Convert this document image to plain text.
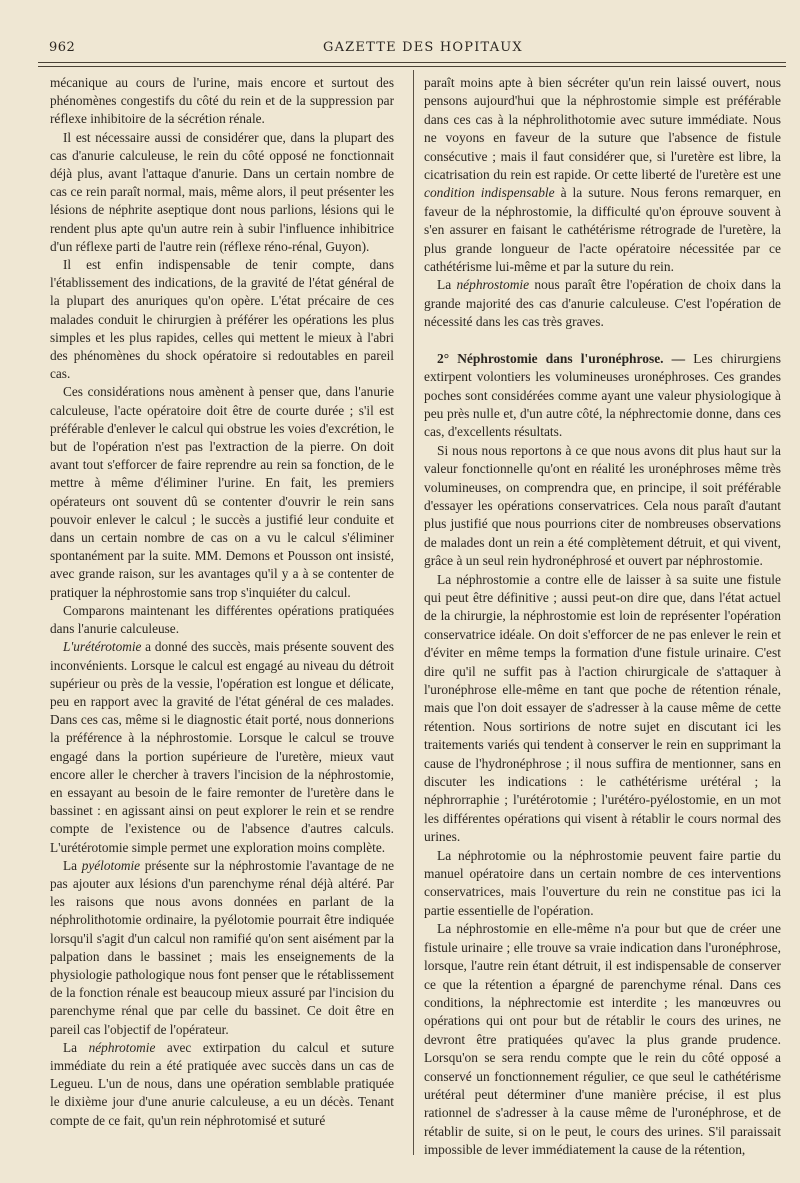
962	GAZETTE DES HOPITAUX

mécanique au cours de l'urine, mais encore et surtout des phénomènes congestifs du côté du rein et de la suppression par réflexe inhibitoire de la sécrétion rénale.

Il est nécessaire aussi de considérer que, dans la plupart des cas d'anurie calculeuse, le rein du côté opposé ne fonctionnait déjà plus, avant l'attaque d'anurie. Dans un certain nombre de cas ce rein paraît normal, mais, même alors, il peut présenter les lésions de néphrite aseptique dont nous parlions, lésions qui le rendent plus apte qu'un autre rein à subir l'influence inhibitrice d'un réflexe parti de l'autre rein (réflexe réno-rénal, Guyon).

Il est enfin indispensable de tenir compte, dans l'établissement des indications, de la gravité de l'état général de la plupart des anuriques qu'on opère. L'état précaire de ces malades conduit le chirurgien à préférer les opérations les plus simples et les plus rapides, celles qui mettent le mieux à l'abri des phénomènes du shock opératoire si redoutables en pareil cas.

Ces considérations nous amènent à penser que, dans l'anurie calculeuse, l'acte opératoire doit être de courte durée ; s'il est préférable d'enlever le calcul qui obstrue les voies d'excrétion, le but de l'opération n'est pas l'extraction de la pierre. On doit avant tout s'efforcer de faire reprendre au rein sa fonction, de le mettre à même d'éliminer l'urine. En fait, les premiers opérateurs ont souvent dû se contenter d'ouvrir le rein sans pouvoir enlever le calcul ; le succès a justifié leur conduite et dans un certain nombre de cas on a vu le calcul s'éliminer spontanément par la suite. MM. Demons et Pousson ont insisté, avec grande raison, sur les avantages qu'il y a à se contenter de pratiquer la néphrostomie sans trop s'inquiéter du calcul.

Comparons maintenant les différentes opérations pratiquées dans l'anurie calculeuse.

L'urétérotomie a donné des succès, mais présente souvent des inconvénients. Lorsque le calcul est engagé au niveau du détroit supérieur ou près de la vessie, l'opération est longue et délicate, peu en rapport avec la gravité de l'état général de ces malades. Dans ces cas, même si le diagnostic était porté, nous donnerions la préférence à la néphrostomie. Lorsque le calcul se trouve engagé dans la portion supérieure de l'uretère, mieux vaut encore aller le chercher à travers l'incision de la néphrostomie, en essayant au besoin de le faire remonter de l'uretère dans le bassinet : en agissant ainsi on peut explorer le rein et se rendre compte de l'existence ou de l'absence d'autres calculs. L'urétérotomie simple permet une exploration moins complète.

La pyélotomie présente sur la néphrostomie l'avantage de ne pas ajouter aux lésions d'un parenchyme rénal déjà altéré. Par les raisons que nous avons données en parlant de la néphrolithotomie ordinaire, la pyélotomie pourrait être indiquée lorsqu'il s'agit d'un calcul non ramifié qu'on sent aisément par la palpation dans le bassinet ; mais les enseignements de la physiologie pathologique nous font penser que le rétablissement de la fonction rénale est beaucoup mieux assuré par l'incision du parenchyme rénal que par celle du bassinet. Ce doit être en pareil cas l'objectif de l'opérateur.

La néphrotomie avec extirpation du calcul et suture immédiate du rein a été pratiquée avec succès dans un cas de Legueu. L'un de nous, dans une opération semblable pratiquée le dixième jour d'une anurie calculeuse, a eu un décès. Tenant compte de ce fait, qu'un rein néphrotomisé et suturé

paraît moins apte à bien sécréter qu'un rein laissé ouvert, nous pensons aujourd'hui que la néphrostomie simple est préférable dans ces cas à la néphrolithotomie avec suture immédiate. Nous ne voyons en faveur de la suture que l'absence de fistule consécutive ; mais il faut considérer que, si l'uretère est libre, la cicatrisation du rein est rapide. Or cette liberté de l'uretère est une condition indispensable à la suture. Nous ferons remarquer, en faveur de la néphrostomie, la difficulté qu'on éprouve souvent à s'en assurer en faisant le cathétérisme rétrograde de l'uretère, la plus grande longueur de l'acte opératoire nécessitée par ce cathétérisme lui-même et par la suture du rein.

La néphrostomie nous paraît être l'opération de choix dans la grande majorité des cas d'anurie calculeuse. C'est l'opération de nécessité dans les cas très graves.

2° Néphrostomie dans l'uronéphrose. — Les chirurgiens extirpent volontiers les volumineuses uronéphroses. Ces grandes poches sont considérées comme ayant une valeur physiologique à peu près nulle et, d'un autre côté, la néphrectomie donne, dans ces cas, d'excellents résultats.

Si nous nous reportons à ce que nous avons dit plus haut sur la valeur fonctionnelle qu'ont en réalité les uronéphroses même très volumineuses, on comprendra que, en principe, il soit préférable d'essayer les opérations conservatrices. Cela nous paraît d'autant plus justifié que nous pourrions citer de nombreuses observations de malades dont un rein a été complètement détruit, et qui vivent, grâce à un seul rein hydronéphrosé et ouvert par néphrostomie.

La néphrostomie a contre elle de laisser à sa suite une fistule qui peut être définitive ; aussi peut-on dire que, dans l'état actuel de la chirurgie, la néphrostomie est loin de représenter l'opération conservatrice idéale. On doit s'efforcer de ne pas enlever le rein et d'éviter en même temps la formation d'une fistule urinaire. C'est dire qu'il ne suffit pas à l'action chirurgicale de s'attaquer à l'uronéphrose elle-même en tant que poche de rétention rénale, mais que l'on doit essayer de s'adresser à la cause même de cette rétention. Nous sortirions de notre sujet en discutant ici les traitements variés qui tendent à conserver le rein en supprimant la cause de l'hydronéphrose ; il nous suffira de mentionner, sans en discuter les indications : le cathétérisme urétéral ; la néphrorraphie ; l'urétérotomie ; l'urétéro-pyélostomie, en un mot les différentes opérations qui visent à rétablir le cours normal des urines.

La néphrotomie ou la néphrostomie peuvent faire partie du manuel opératoire dans un certain nombre de ces interventions conservatrices, mais l'ouverture du rein ne constitue pas ici la partie essentielle de l'opération.

La néphrostomie en elle-même n'a pour but que de créer une fistule urinaire ; elle trouve sa vraie indication dans l'uronéphrose, lorsque, l'autre rein étant détruit, il est indispensable de conserver ce que la rétention a épargné de parenchyme rénal. Dans ces conditions, la néphrectomie est interdite ; les manœuvres ou opérations qui ont pour but de rétablir le cours des urines, ne devront être pratiquées qu'avec la plus grande prudence. Lorsqu'on se sera rendu compte que le rein du côté opposé a conservé un fonctionnement régulier, ce que seul le cathétérisme urétéral peut déterminer d'une manière précise, il est plus rationnel de s'adresser à la cause même de l'uronéphrose, et de rétablir de suite, si on le peut, le cours des urines. S'il paraissait impossible de lever immédiatement la cause de la rétention,
